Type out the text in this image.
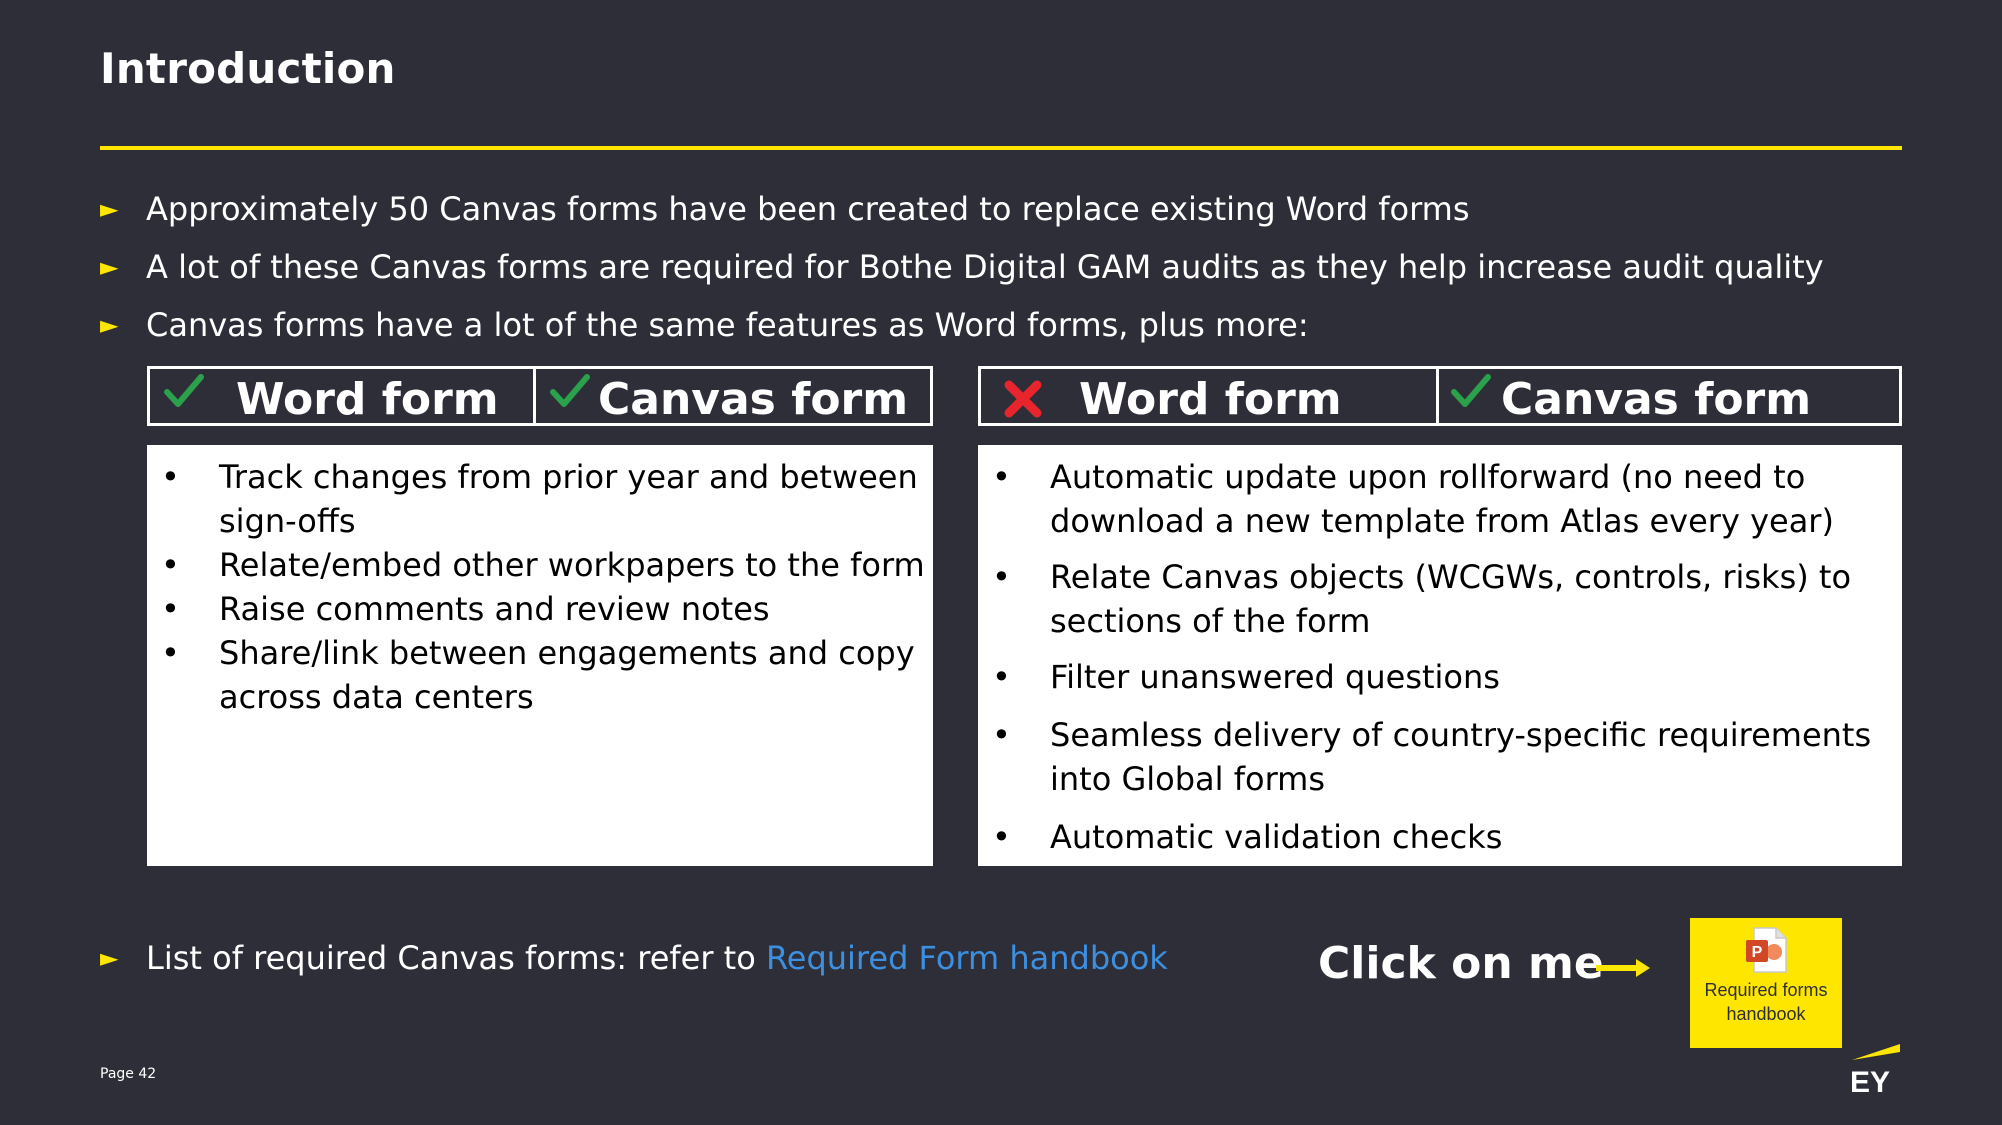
Introduction
► Approximately 50 Canvas forms have been created to replace existing Word forms
► A lot of these Canvas forms are required for Bothe Digital GAM audits as they help increase audit quality
► Canvas forms have a lot of the same features as Word forms, plus more:
Word form Canvas form	Word form	Canvas form
• Track changes from prior year and between
sign-offs
• Relate/embed other workpapers to the form
• Raise comments and review notes
• Share/link between engagements and copy
across data centers
• Automatic update upon rollforward (no need to
download a new template from Atlas every year)
• Relate Canvas objects (WCGWs, controls, risks) to
sections of the form
• Filter unanswered questions
• Seamless delivery of country-specific requirements
into Global forms
• Automatic validation checks
► List of required Canvas forms: refer to Required Form handbook	Click on me	P
Required forms
handbook
Page 42	EY
